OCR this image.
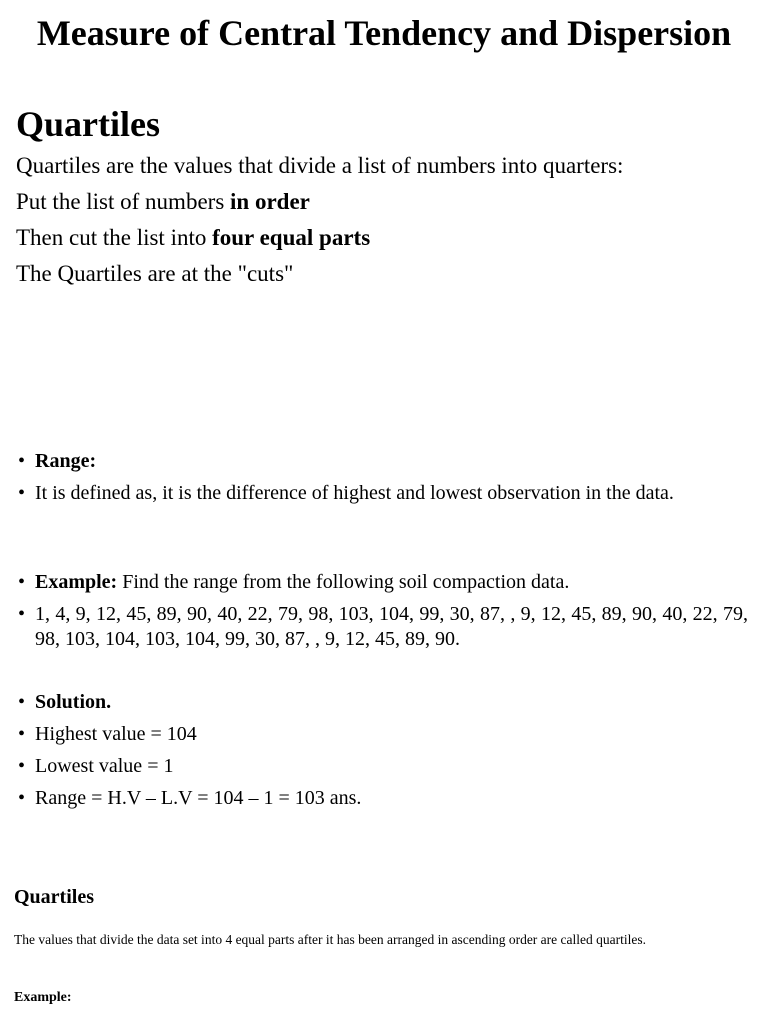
Measure of Central Tendency and Dispersion
Quartiles

Quartiles are the values that divide a list of numbers into quarters:

Put the list of numbers in order

Then cut the list into four equal parts

The Quartiles are at the "cuts"

• Range:
• It is defined as, it is the difference of highest and lowest observation in the data.
• Example: Find the range from the following soil compaction data.
• 1, 4, 9, 12, 45, 89, 90, 40, 22, 79, 98, 103, 104, 99, 30, 87, , 9, 12, 45, 89, 90, 40, 22, 79, 98, 103, 104, 103, 104, 99, 30, 87, , 9, 12, 45, 89, 90.
• Solution.
• Highest value = 104
• Lowest value = 1
• Range = H.V – L.V = 104 – 1 = 103 ans.
Quartiles

The values that divide the data set into 4 equal parts after it has been arranged in ascending order are called quartiles.

Example:
